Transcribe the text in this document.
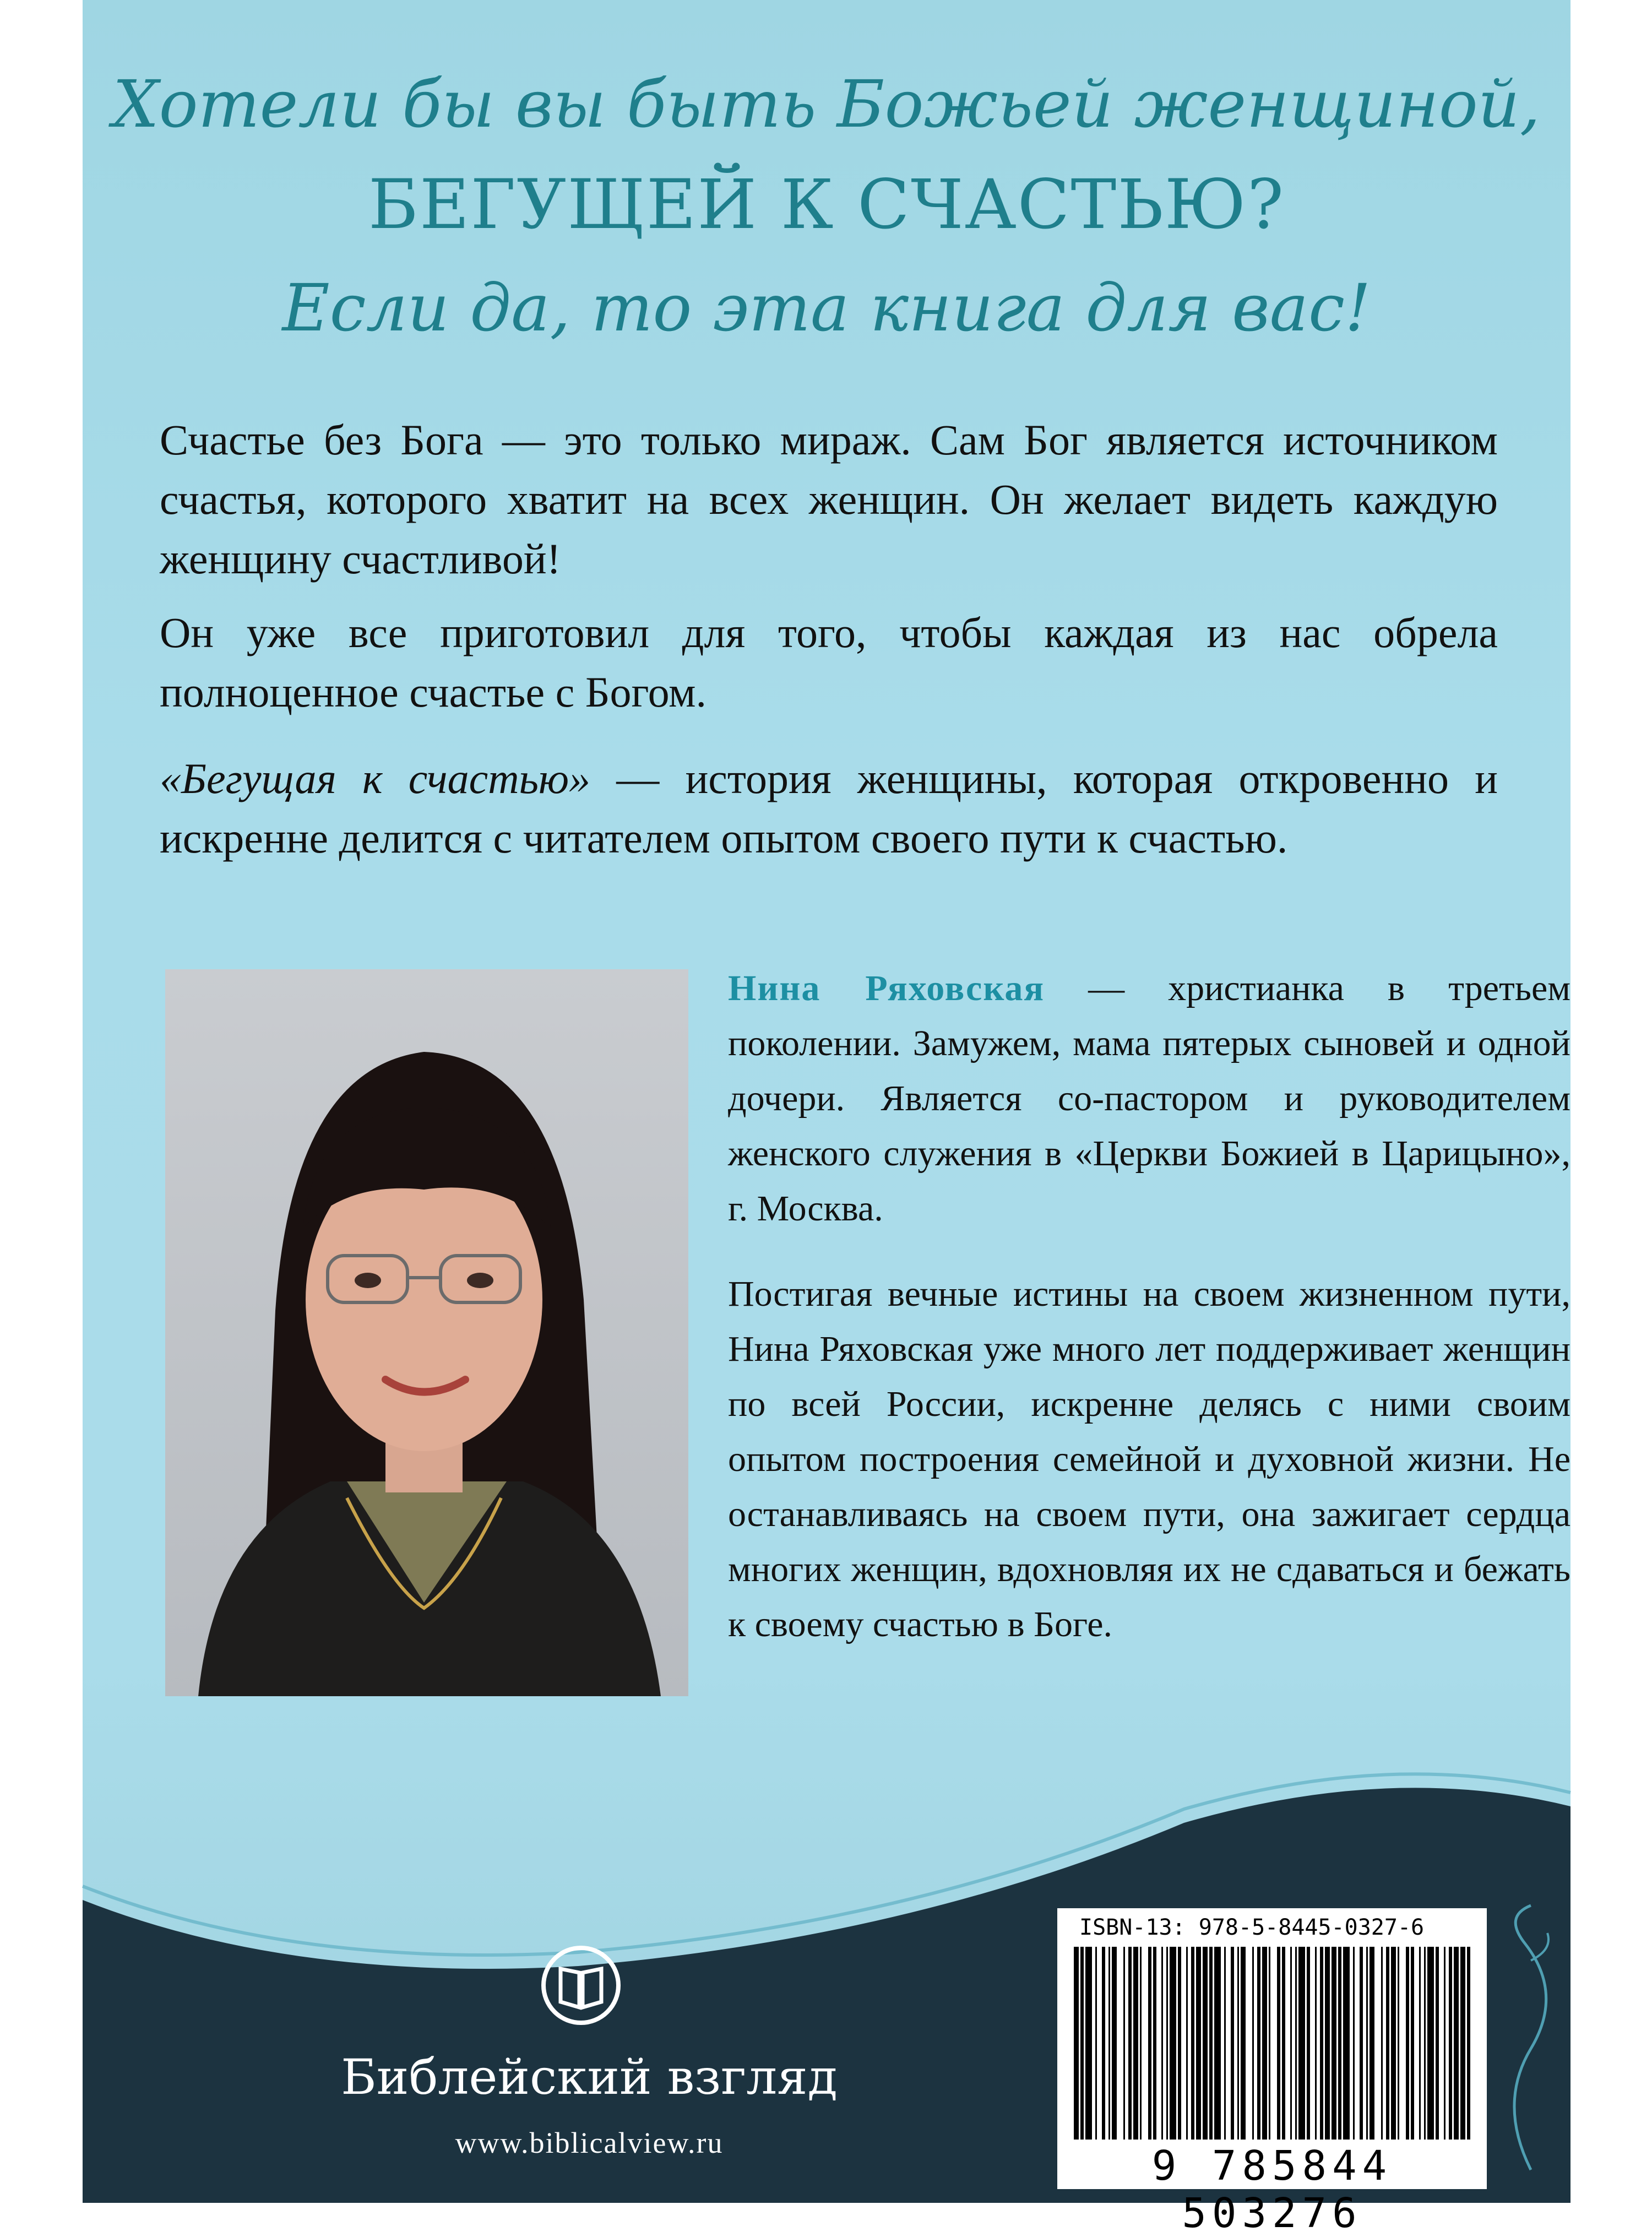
Хотели бы вы быть Божьей женщиной,
БЕГУЩЕЙ К СЧАСТЬЮ?
Если да, то эта книга для вас!

Счастье без Бога — это только мираж. Сам Бог является источником счастья, которого хватит на всех женщин. Он желает видеть каждую женщину счастливой!

Он уже все приготовил для того, чтобы каждая из нас обрела полноценное счастье с Богом.

«Бегущая к счастью» — история женщины, которая откровенно и искренне делится с читателем опытом своего пути к счастью.

Нина Ряховская — христианка в третьем поколении. Замужем, мама пятерых сыновей и одной дочери. Является со-пастором и руководителем женского служения в «Церкви Божией в Царицыно», г. Москва.

Постигая вечные истины на своем жизненном пути, Нина Ряховская уже много лет поддерживает женщин по всей России, искренне делясь с ними своим опытом построения семейной и духовной жизни. Не останавливаясь на своем пути, она зажигает сердца многих женщин, вдохновляя их не сдаваться и бежать к своему счастью в Боге.

Библейский взгляд
www.biblicalview.ru
ISBN-13: 978-5-8445-0327-6
9 785844 503276
